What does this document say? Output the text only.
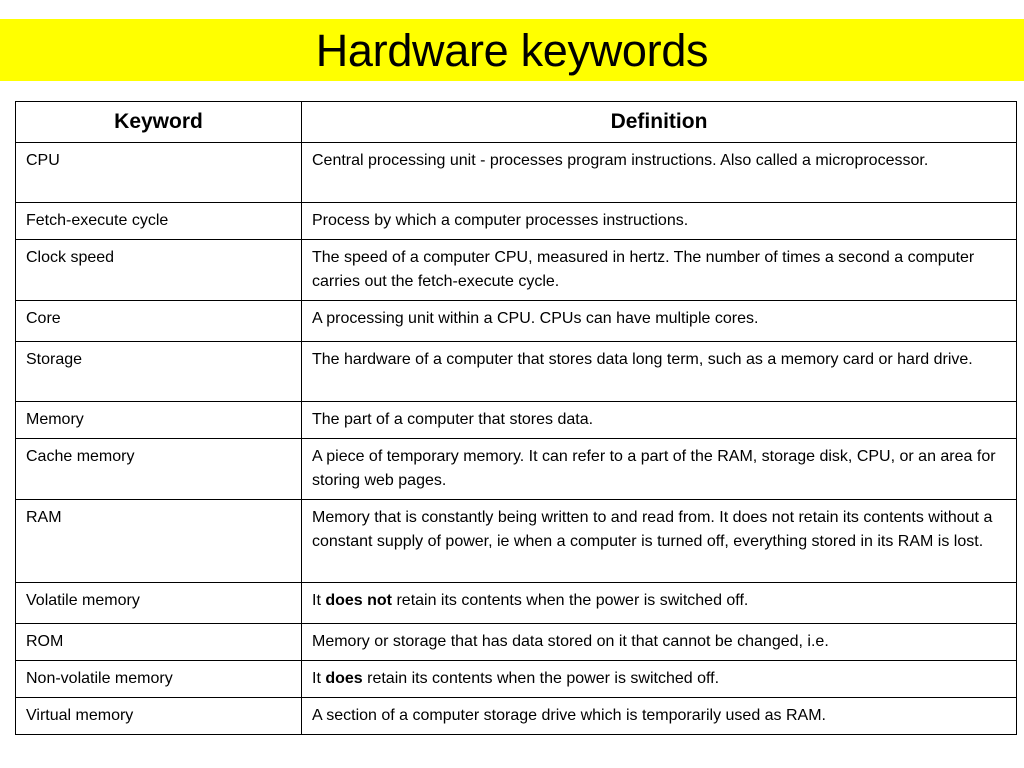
Hardware keywords
Keyword	Definition
CPU	Central processing unit - processes program instructions. Also called a microprocessor.
Fetch-execute cycle	Process by which a computer processes instructions.
Clock speed	The speed of a computer CPU, measured in hertz. The number of times a second a computer carries out the fetch-execute cycle.
Core	A processing unit within a CPU. CPUs can have multiple cores.
Storage	The hardware of a computer that stores data long term, such as a memory card or hard drive.
Memory	The part of a computer that stores data.
Cache memory	A piece of temporary memory. It can refer to a part of the RAM, storage disk, CPU, or an area for storing web pages.
RAM	Memory that is constantly being written to and read from. It does not retain its contents without a constant supply of power, ie when a computer is turned off, everything stored in its RAM is lost.
Volatile memory	It does not retain its contents when the power is switched off.
ROM	Memory or storage that has data stored on it that cannot be changed, i.e.
Non-volatile memory	It does retain its contents when the power is switched off.
Virtual memory	A section of a computer storage drive which is temporarily used as RAM.
